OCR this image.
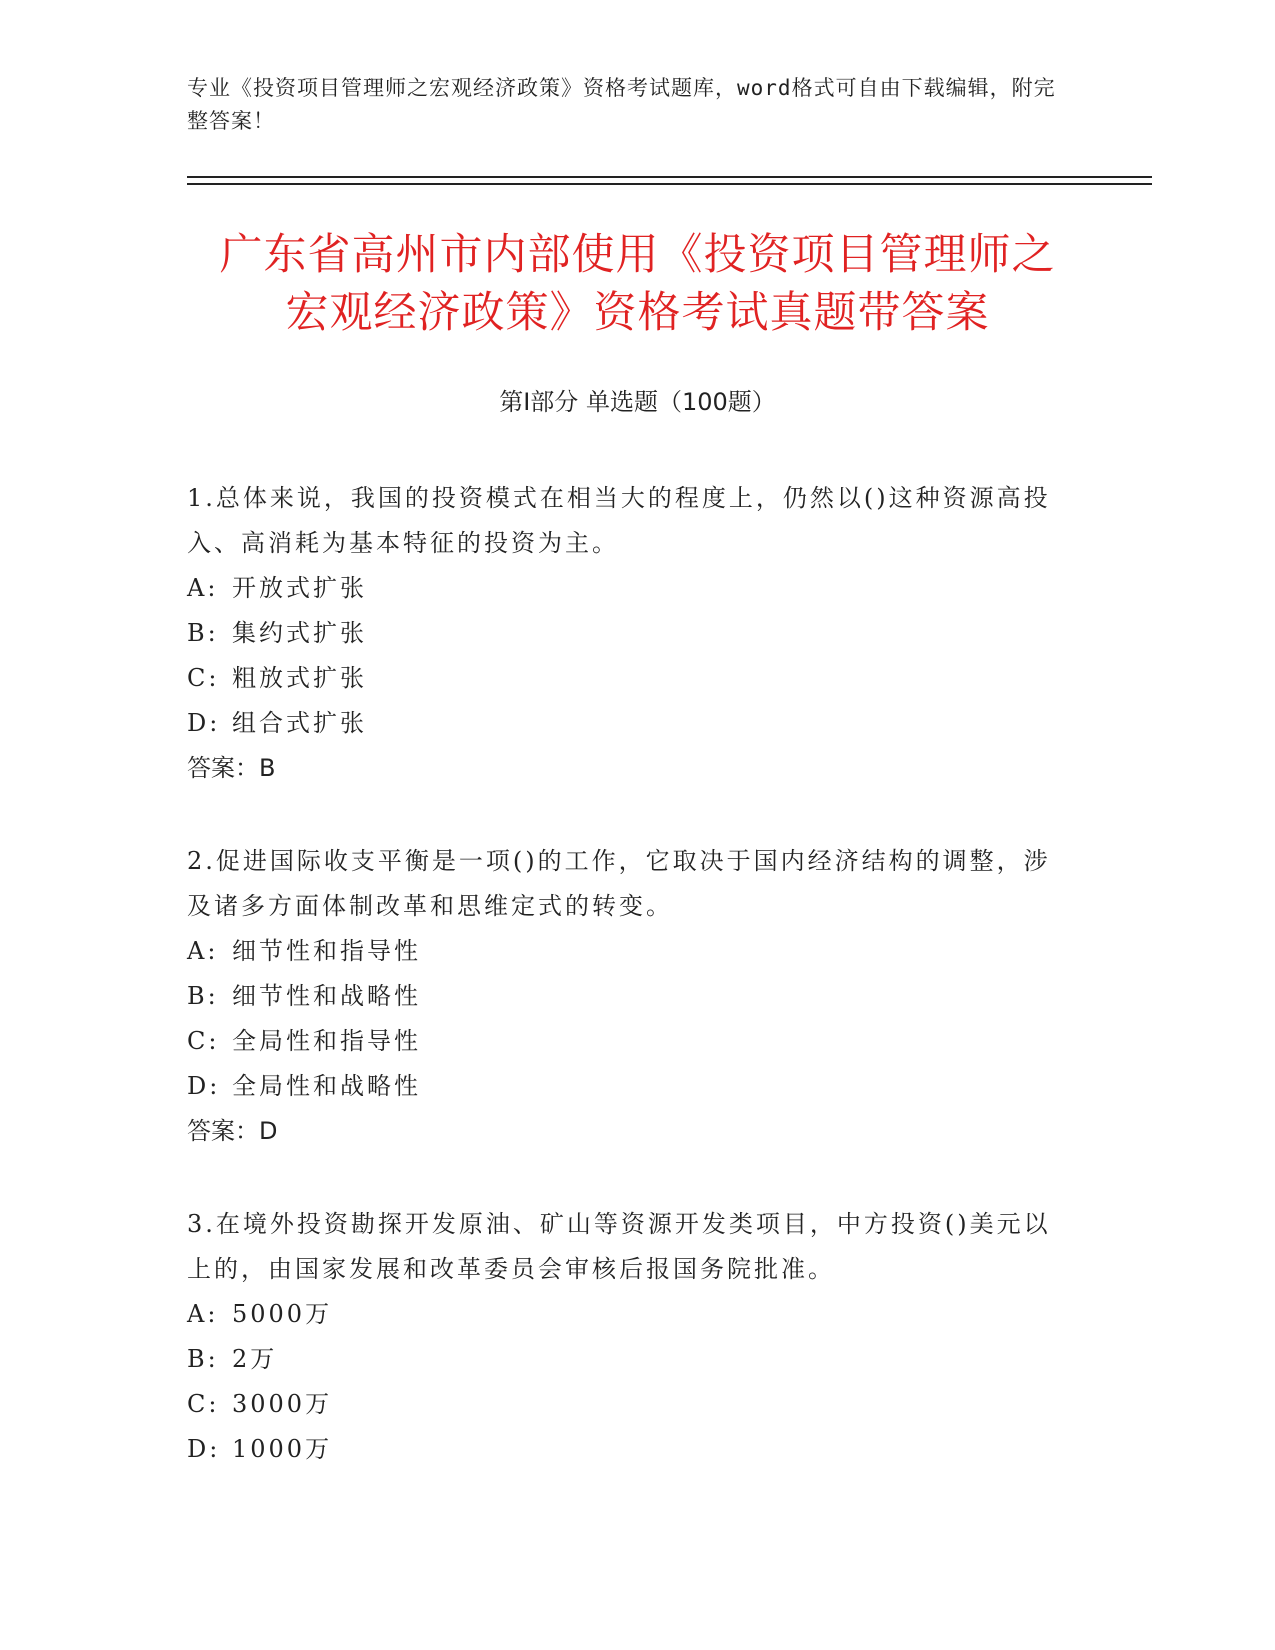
专业《投资项目管理师之宏观经济政策》资格考试题库，word格式可自由下载编辑，附完整答案！
广东省高州市内部使用《投资项目管理师之
宏观经济政策》资格考试真题带答案
第Ⅰ部分 单选题（100题）

1.总体来说，我国的投资模式在相当大的程度上，仍然以()这种资源高投入、高消耗为基本特征的投资为主。

A: 开放式扩张
B: 集约式扩张
C: 粗放式扩张
D: 组合式扩张

答案：B

2.促进国际收支平衡是一项()的工作，它取决于国内经济结构的调整，涉及诸多方面体制改革和思维定式的转变。

A: 细节性和指导性
B: 细节性和战略性
C: 全局性和指导性
D: 全局性和战略性

答案：D

3.在境外投资勘探开发原油、矿山等资源开发类项目，中方投资()美元以上的，由国家发展和改革委员会审核后报国务院批准。

A: 5000万
B: 2万
C: 3000万
D: 1000万
